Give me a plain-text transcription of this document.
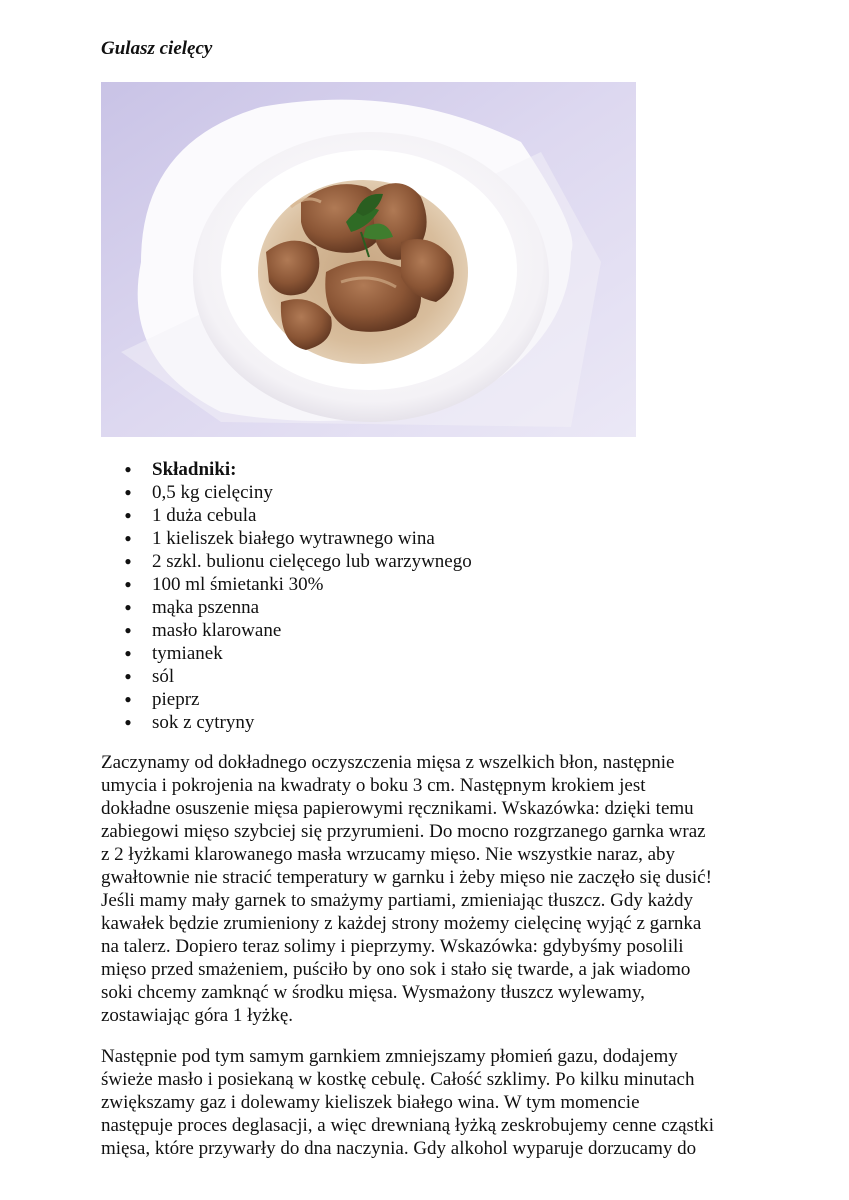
Gulasz cielęcy
● Składniki:
● 0,5 kg cielęciny
● 1 duża cebula
● 1 kieliszek białego wytrawnego wina
● 2 szkl. bulionu cielęcego lub warzywnego
● 100 ml śmietanki 30%
● mąka pszenna
● masło klarowane
● tymianek
● sól
● pieprz
● sok z cytryny

Zaczynamy od dokładnego oczyszczenia mięsa z wszelkich błon, następnie
umycia i pokrojenia na kwadraty o boku 3 cm. Następnym krokiem jest
dokładne osuszenie mięsa papierowymi ręcznikami. Wskazówka: dzięki temu
zabiegowi mięso szybciej się przyrumieni. Do mocno rozgrzanego garnka wraz
z 2 łyżkami klarowanego masła wrzucamy mięso. Nie wszystkie naraz, aby
gwałtownie nie stracić temperatury w garnku i żeby mięso nie zaczęło się dusić!
Jeśli mamy mały garnek to smażymy partiami, zmieniając tłuszcz. Gdy każdy
kawałek będzie zrumieniony z każdej strony możemy cielęcinę wyjąć z garnka
na talerz. Dopiero teraz solimy i pieprzymy. Wskazówka: gdybyśmy posolili
mięso przed smażeniem, puściło by ono sok i stało się twarde, a jak wiadomo
soki chcemy zamknąć w środku mięsa. Wysmażony tłuszcz wylewamy,
zostawiając góra 1 łyżkę.

Następnie pod tym samym garnkiem zmniejszamy płomień gazu, dodajemy
świeże masło i posiekaną w kostkę cebulę. Całość szklimy. Po kilku minutach
zwiększamy gaz i dolewamy kieliszek białego wina. W tym momencie
następuje proces deglasacji, a więc drewnianą łyżką zeskrobujemy cenne cząstki
mięsa, które przywarły do dna naczynia. Gdy alkohol wyparuje dorzucamy do
